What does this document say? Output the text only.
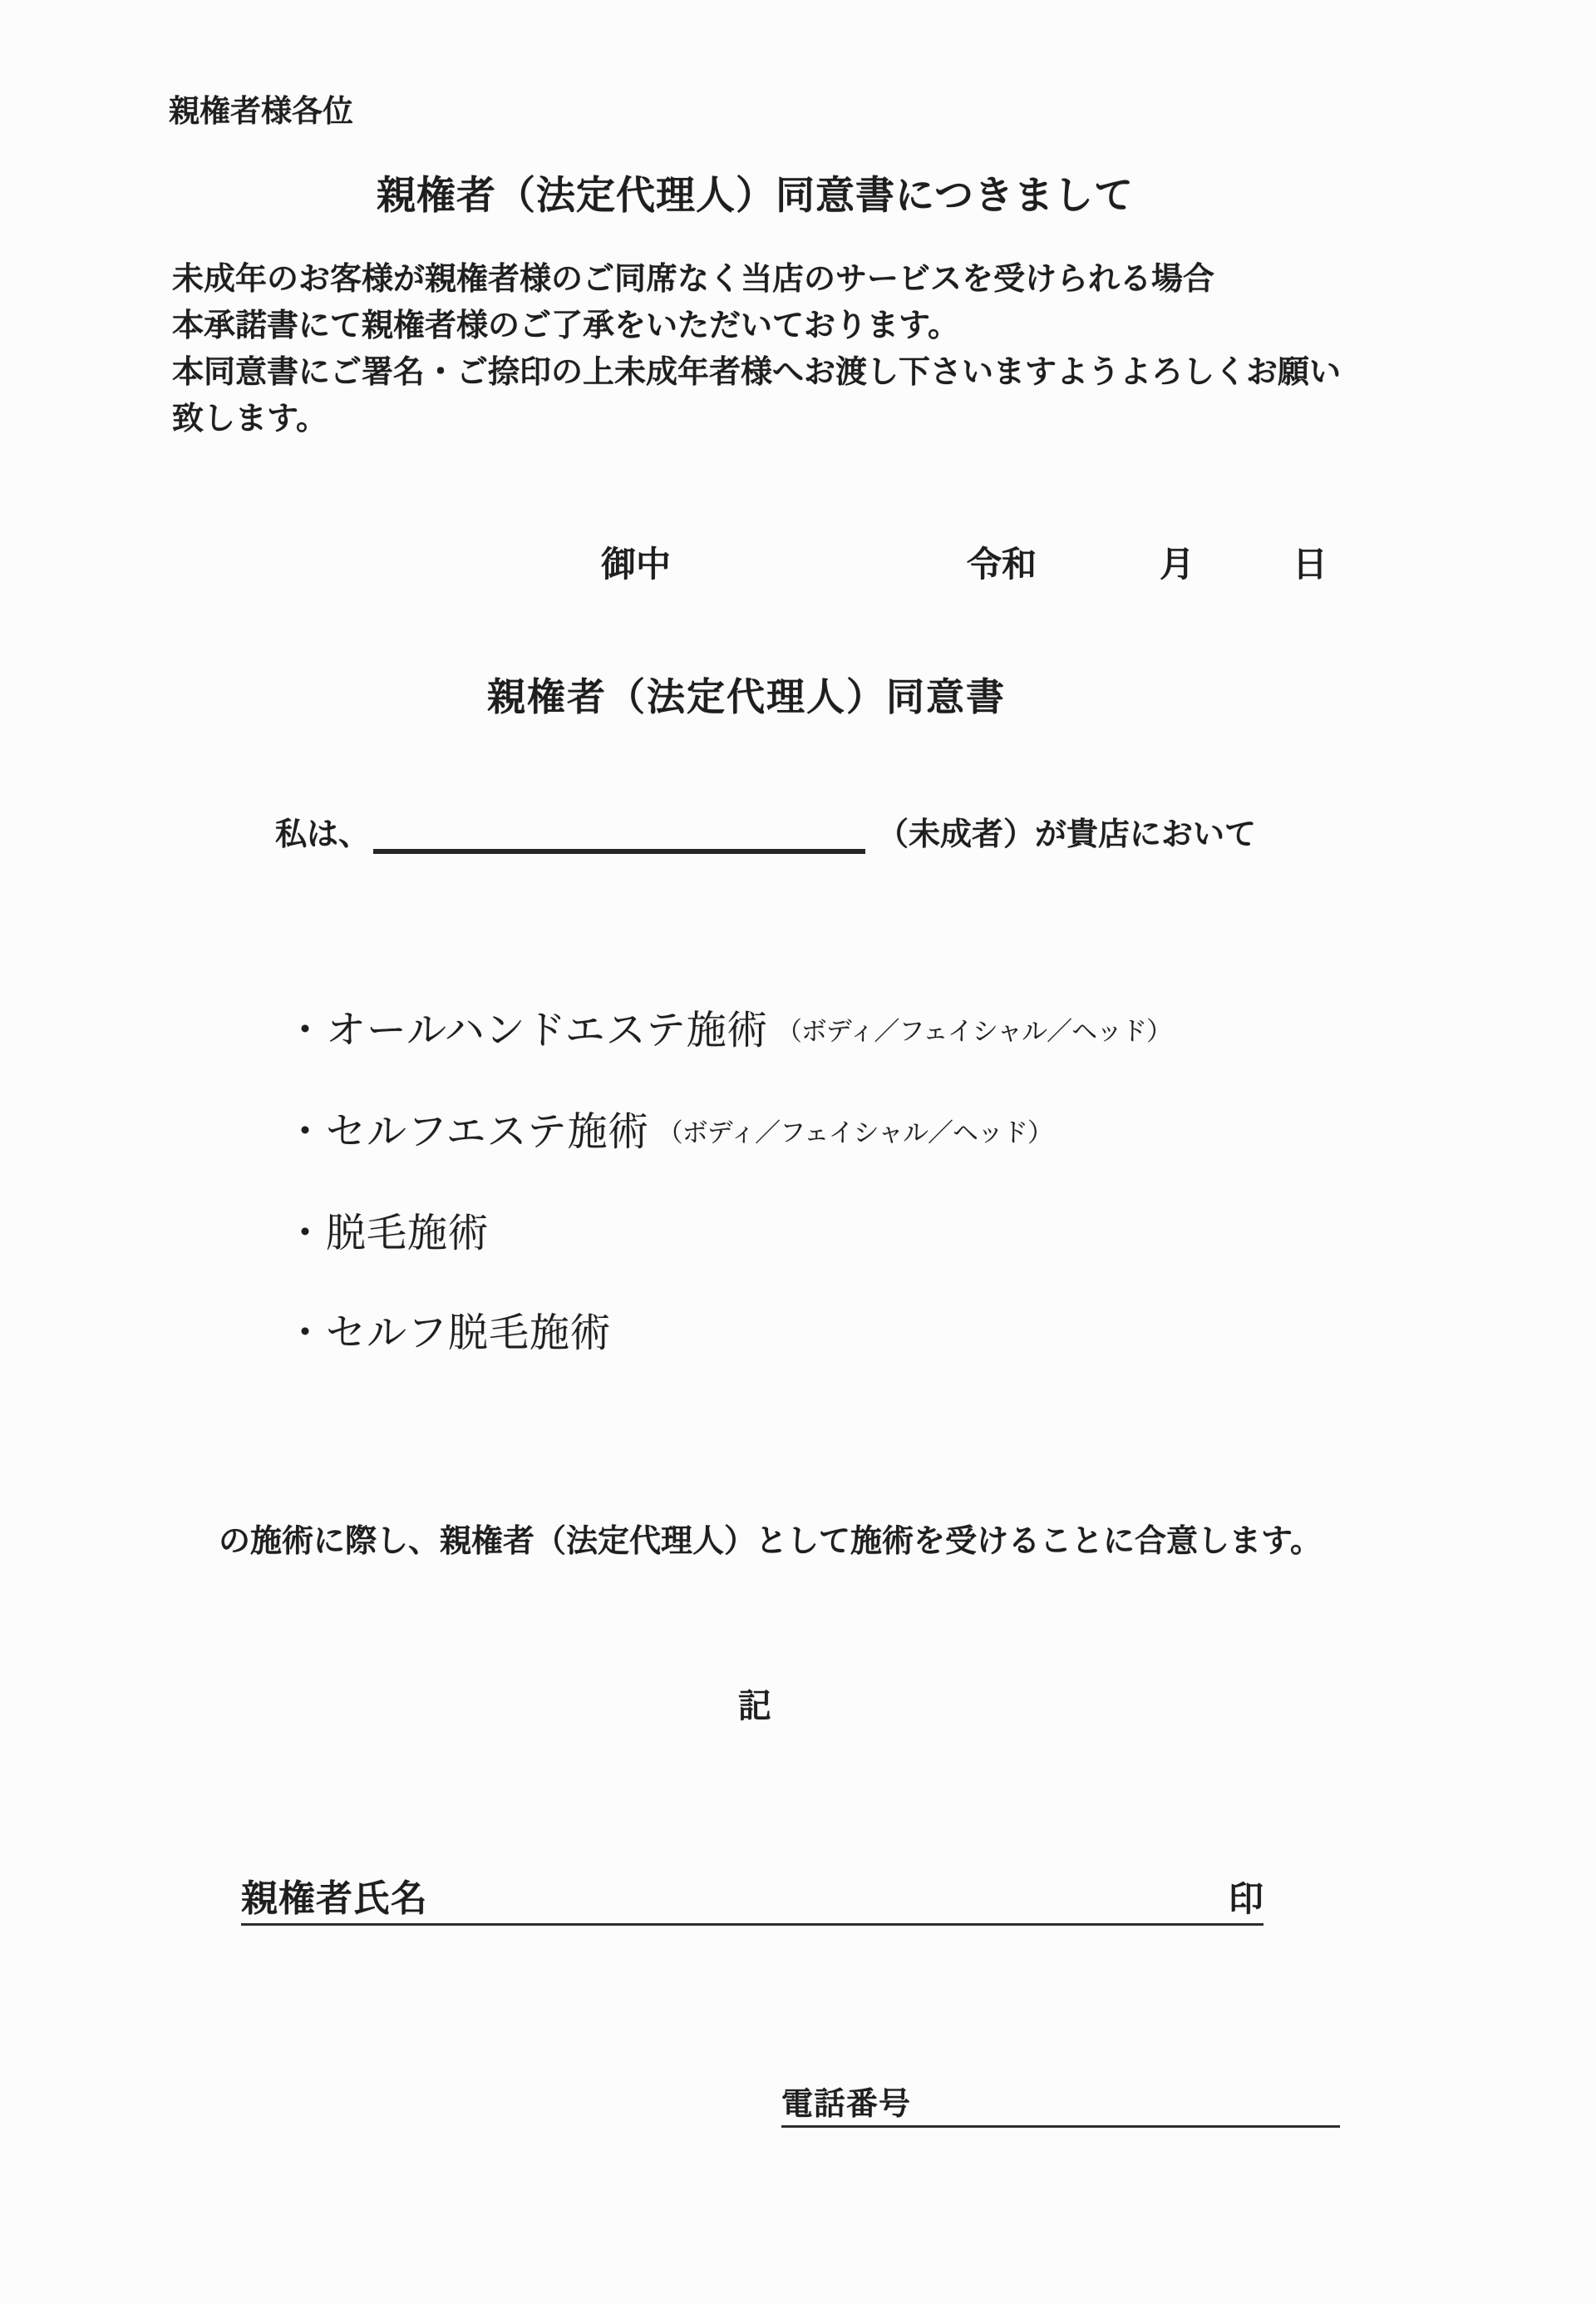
親権者様各位
親権者（法定代理人）同意書につきまして
未成年のお客様が親権者様のご同席なく当店のサービスを受けられる場合
本承諾書にて親権者様のご了承をいただいております。
本同意書にご署名・ご捺印の上未成年者様へお渡し下さいますようよろしくお願い
致します。
御中	令和	月	日
親権者（法定代理人）同意書
私は、	（未成者）が貴店において
・オールハンドエステ施術 （ボディ／フェイシャル／ヘッド）
・セルフエステ施術 （ボディ／フェイシャル／ヘッド）
・脱毛施術
・セルフ脱毛施術
の施術に際し、親権者（法定代理人）として施術を受けることに合意します。
記
親権者氏名	印
電話番号
